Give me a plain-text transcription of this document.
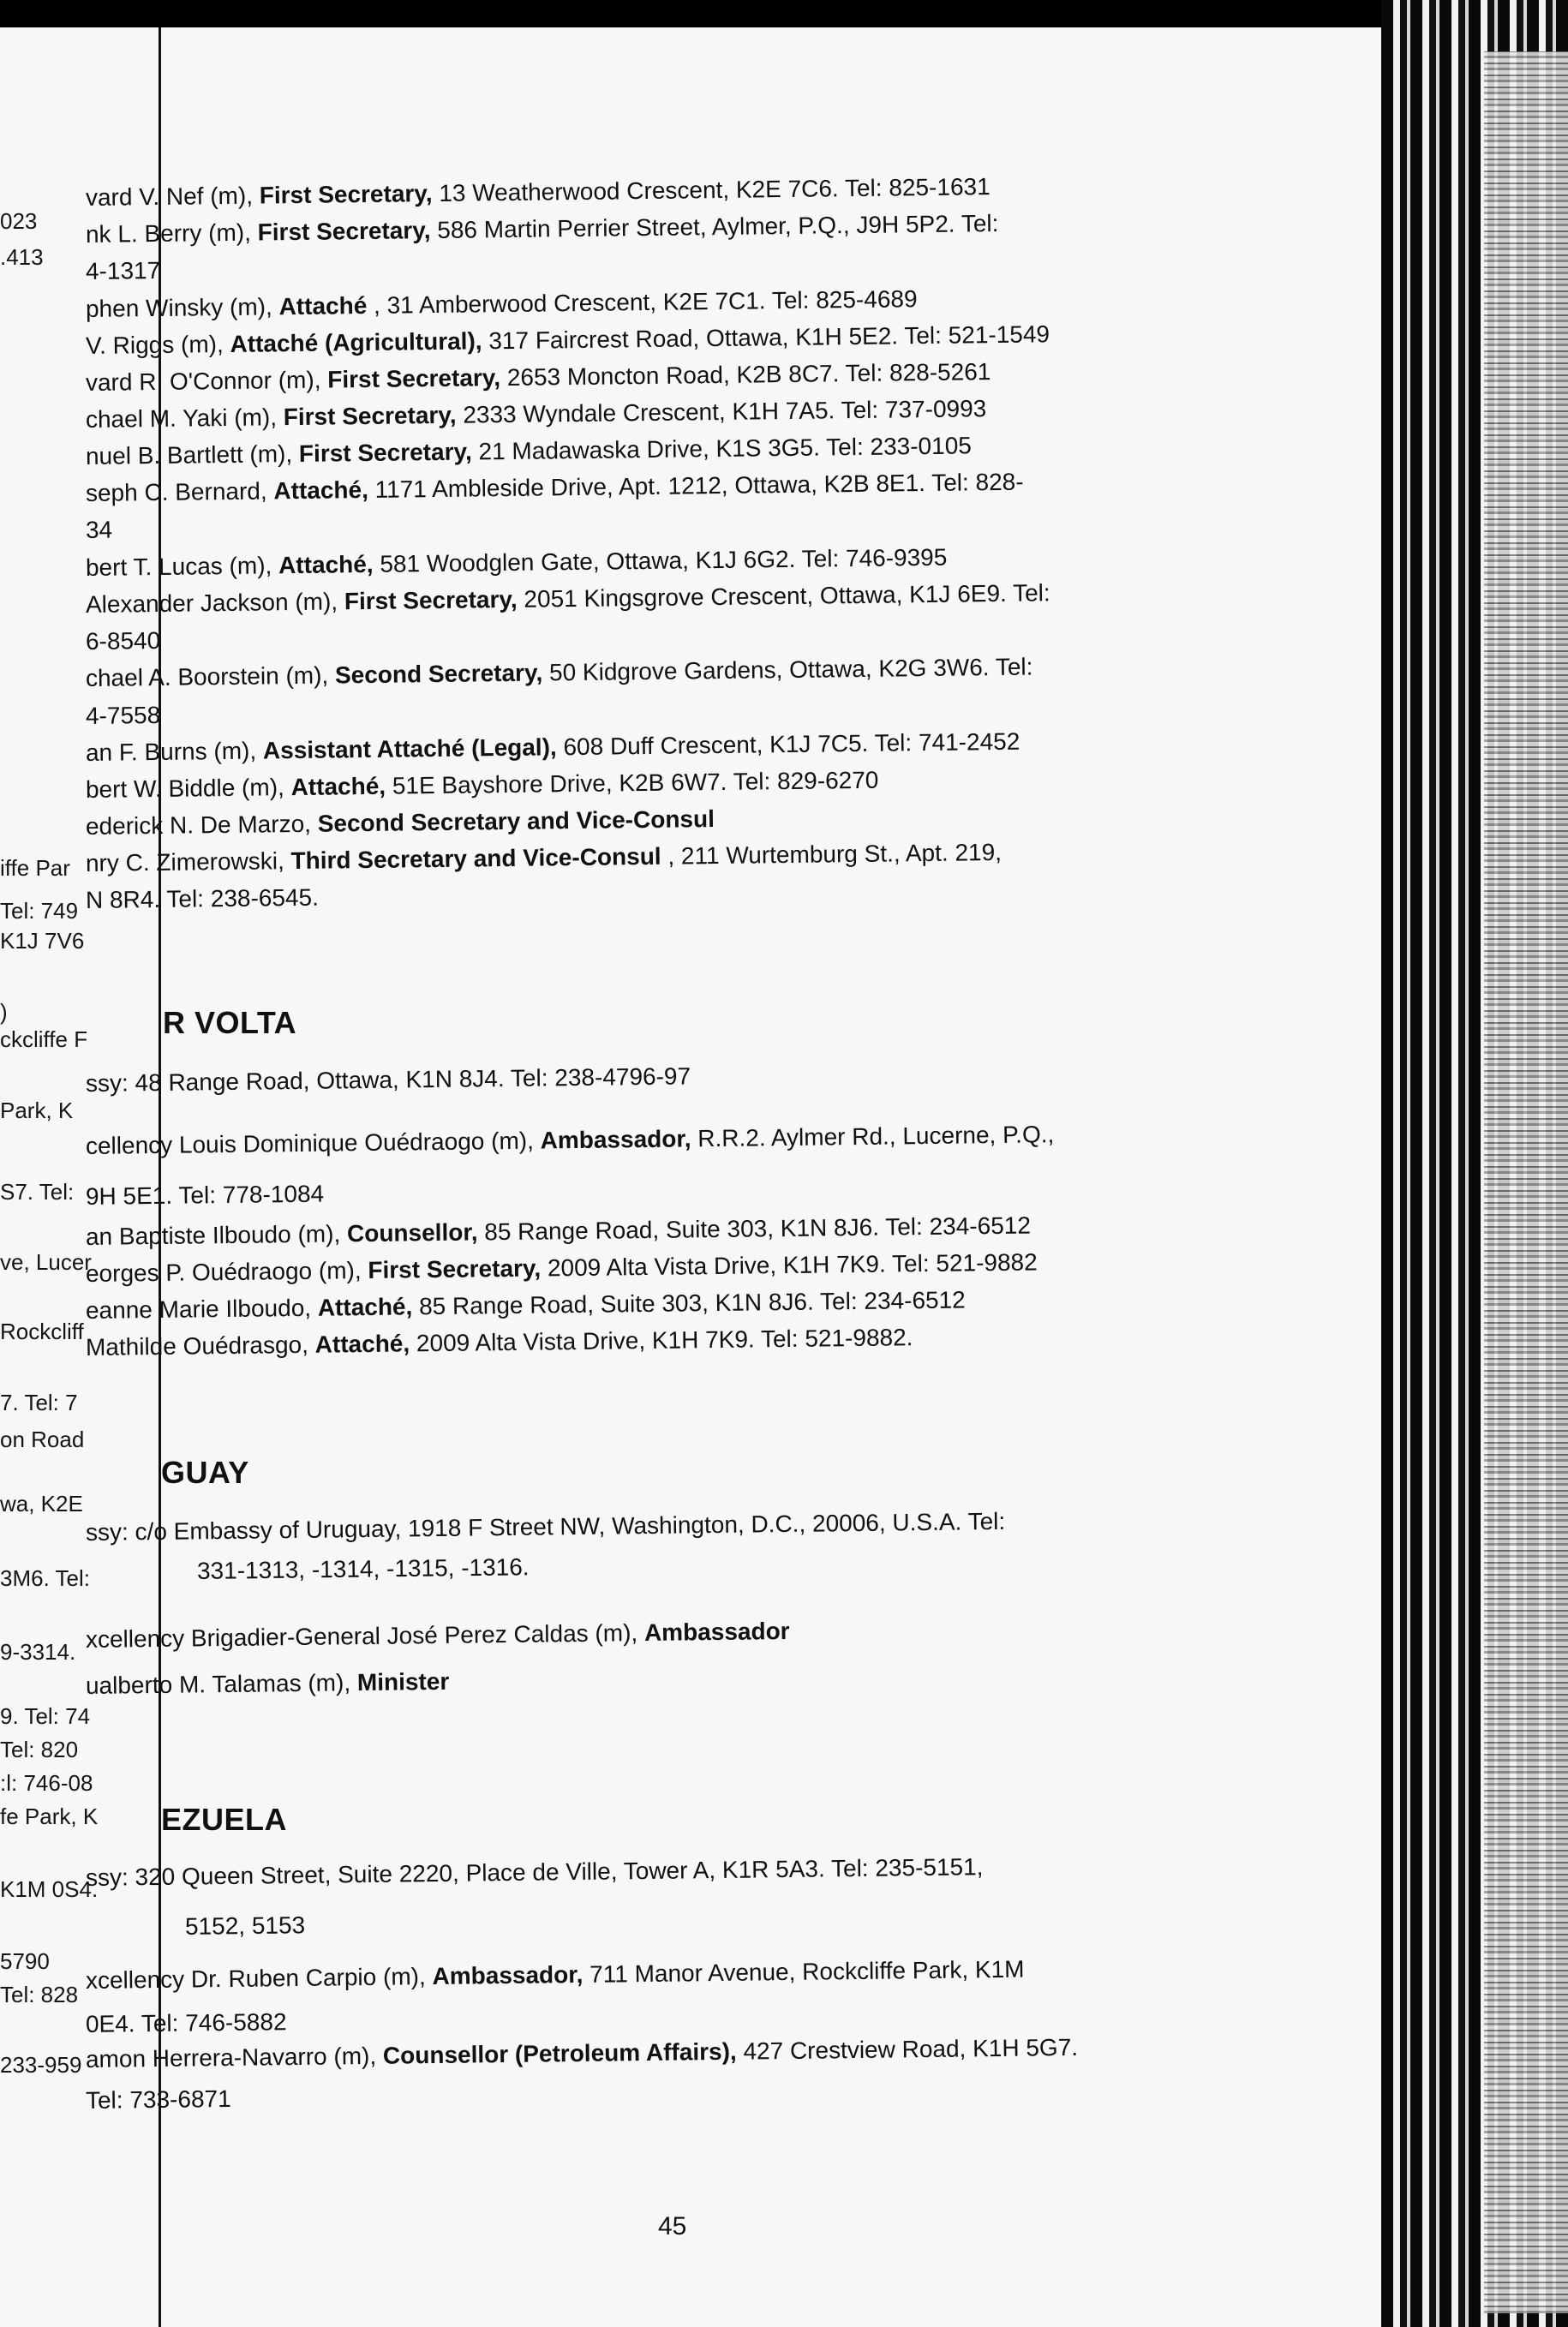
023
.413
iffe Par
Tel: 749
K1J 7V6
)
ckcliffe F
Park, K
S7. Tel:
ve, Lucer
Rockcliff
7. Tel: 7
on Road
wa, K2E
3M6. Tel:
9-3314.
9. Tel: 74
Tel: 820
:l: 746-08
fe Park, K
K1M 0S4.
5790
Tel: 828
233-959
vard V. Nef (m), First Secretary, 13 Weatherwood Crescent, K2E 7C6. Tel: 825-1631
nk L. Berry (m), First Secretary, 586 Martin Perrier Street, Aylmer, P.Q., J9H 5P2. Tel:
4-1317
phen Winsky (m), Attaché , 31 Amberwood Crescent, K2E 7C1. Tel: 825-4689
V. Riggs (m), Attaché (Agricultural), 317 Faircrest Road, Ottawa, K1H 5E2. Tel: 521-1549
vard R. O'Connor (m), First Secretary, 2653 Moncton Road, K2B 8C7. Tel: 828-5261
chael M. Yaki (m), First Secretary, 2333 Wyndale Crescent, K1H 7A5. Tel: 737-0993
nuel B. Bartlett (m), First Secretary, 21 Madawaska Drive, K1S 3G5. Tel: 233-0105
seph C. Bernard, Attaché, 1171 Ambleside Drive, Apt. 1212, Ottawa, K2B 8E1. Tel: 828-
34
bert T. Lucas (m), Attaché, 581 Woodglen Gate, Ottawa, K1J 6G2. Tel: 746-9395
Alexander Jackson (m), First Secretary, 2051 Kingsgrove Crescent, Ottawa, K1J 6E9. Tel:
6-8540
chael A. Boorstein (m), Second Secretary, 50 Kidgrove Gardens, Ottawa, K2G 3W6. Tel:
4-7558
an F. Burns (m), Assistant Attaché (Legal), 608 Duff Crescent, K1J 7C5. Tel: 741-2452
bert W. Biddle (m), Attaché, 51E Bayshore Drive, K2B 6W7. Tel: 829-6270
ederick N. De Marzo, Second Secretary and Vice-Consul
nry C. Zimerowski, Third Secretary and Vice-Consul , 211 Wurtemburg St., Apt. 219,
N 8R4. Tel: 238-6545.
R VOLTA
ssy: 48 Range Road, Ottawa, K1N 8J4. Tel: 238-4796-97
cellency Louis Dominique Ouédraogo (m), Ambassador, R.R.2. Aylmer Rd., Lucerne, P.Q.,
9H 5E1. Tel: 778-1084
an Baptiste Ilboudo (m), Counsellor, 85 Range Road, Suite 303, K1N 8J6. Tel: 234-6512
eorges P. Ouédraogo (m), First Secretary, 2009 Alta Vista Drive, K1H 7K9. Tel: 521-9882
eanne Marie Ilboudo, Attaché, 85 Range Road, Suite 303, K1N 8J6. Tel: 234-6512
Mathilde Ouédrasgo, Attaché, 2009 Alta Vista Drive, K1H 7K9. Tel: 521-9882.
GUAY
ssy: c/o Embassy of Uruguay, 1918 F Street NW, Washington, D.C., 20006, U.S.A. Tel:
331-1313, -1314, -1315, -1316.
xcellency Brigadier-General José Perez Caldas (m), Ambassador
ualberto M. Talamas (m), Minister
EZUELA
ssy: 320 Queen Street, Suite 2220, Place de Ville, Tower A, K1R 5A3. Tel: 235-5151,
5152, 5153
xcellency Dr. Ruben Carpio (m), Ambassador, 711 Manor Avenue, Rockcliffe Park, K1M
0E4. Tel: 746-5882
amon Herrera-Navarro (m), Counsellor (Petroleum Affairs), 427 Crestview Road, K1H 5G7.
Tel: 733-6871
45
